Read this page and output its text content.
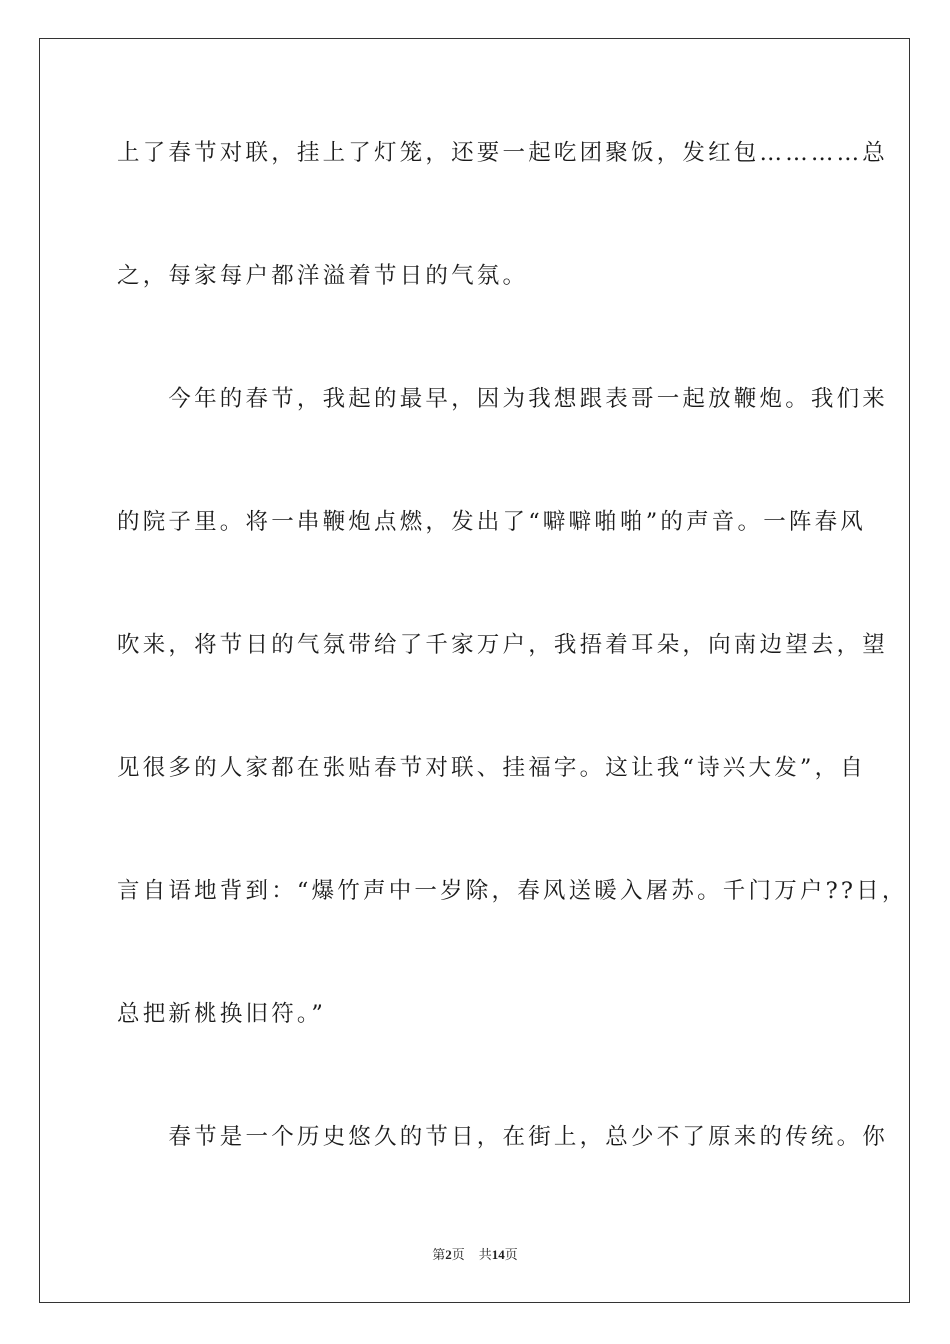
上了春节对联，挂上了灯笼，还要一起吃团聚饭，发红包…………总
之，每家每户都洋溢着节日的气氛。
　　今年的春节，我起的最早，因为我想跟表哥一起放鞭炮。我们来
的院子里。将一串鞭炮点燃，发出了“噼噼啪啪”的声音。一阵春风
吹来，将节日的气氛带给了千家万户，我捂着耳朵，向南边望去，望
见很多的人家都在张贴春节对联、挂福字。这让我“诗兴大发”，自
言自语地背到：“爆竹声中一岁除，春风送暖入屠苏。千门万户??日，
总把新桃换旧符。”
　　春节是一个历史悠久的节日，在街上，总少不了原来的传统。你
第2页 共14页
